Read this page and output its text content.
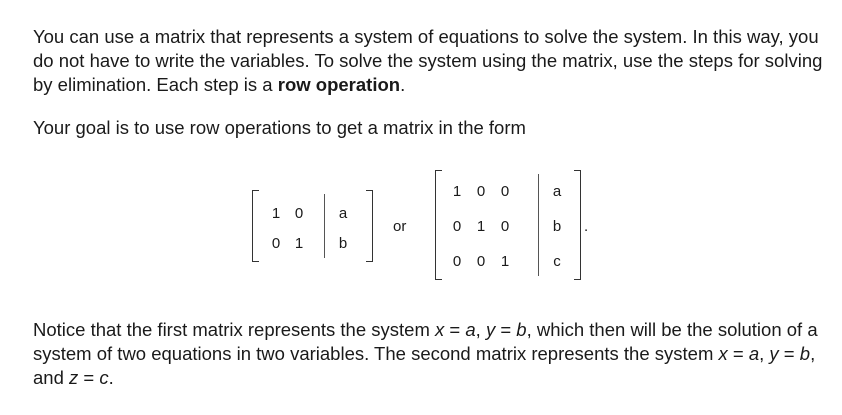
You can use a matrix that represents a system of equations to solve the system. In this way, you do not have to write the variables. To solve the system using the matrix, use the steps for solving by elimination. Each step is a row operation.

Your goal is to use row operations to get a matrix in the form

1 0	a
0 1	b
or
1	0	0	a
0	1	0	b
0	0	1	c
.

Notice that the first matrix represents the system x = a, y = b, which then will be the solution of a system of two equations in two variables. The second matrix represents the system x = a, y = b, and z = c.
